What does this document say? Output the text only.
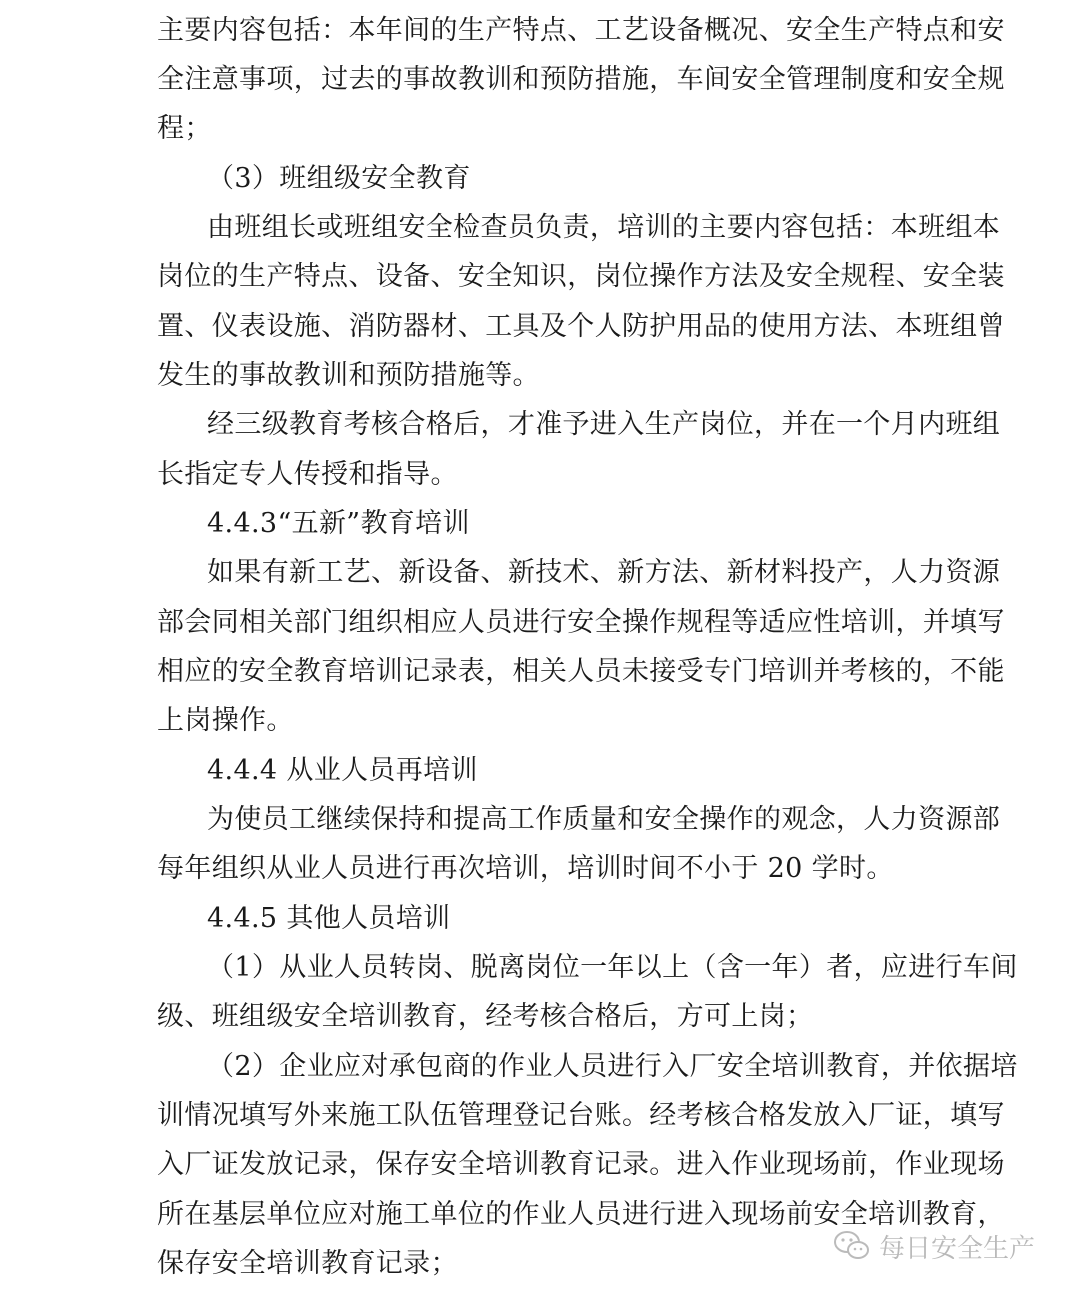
主要内容包括：本年间的生产特点、工艺设备概况、安全生产特点和安
全注意事项，过去的事故教训和预防措施，车间安全管理制度和安全规
程；
（3）班组级安全教育
由班组长或班组安全检查员负责，培训的主要内容包括：本班组本
岗位的生产特点、设备、安全知识，岗位操作方法及安全规程、安全装
置、仪表设施、消防器材、工具及个人防护用品的使用方法、本班组曾
发生的事故教训和预防措施等。
经三级教育考核合格后，才准予进入生产岗位，并在一个月内班组
长指定专人传授和指导。
4.4.3“五新”教育培训
如果有新工艺、新设备、新技术、新方法、新材料投产，人力资源
部会同相关部门组织相应人员进行安全操作规程等适应性培训，并填写
相应的安全教育培训记录表，相关人员未接受专门培训并考核的，不能
上岗操作。
4.4.4 从业人员再培训
为使员工继续保持和提高工作质量和安全操作的观念，人力资源部
每年组织从业人员进行再次培训，培训时间不小于 20 学时。
4.4.5 其他人员培训
（1）从业人员转岗、脱离岗位一年以上（含一年）者，应进行车间
级、班组级安全培训教育，经考核合格后，方可上岗；
（2）企业应对承包商的作业人员进行入厂安全培训教育，并依据培
训情况填写外来施工队伍管理登记台账。经考核合格发放入厂证，填写
入厂证发放记录，保存安全培训教育记录。进入作业现场前，作业现场
所在基层单位应对施工单位的作业人员进行进入现场前安全培训教育，
保存安全培训教育记录；	每日安全生产
